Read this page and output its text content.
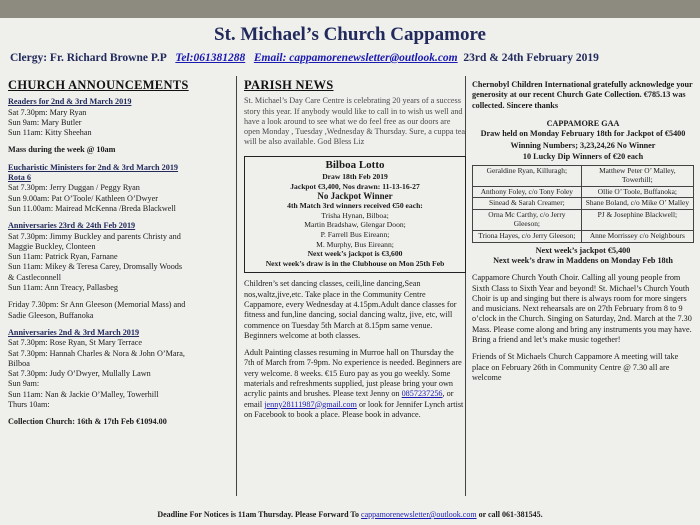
St. Michael’s Church Cappamore
Clergy: Fr. Richard Browne P.P Tel:061381288 Email: cappamorenewsletter@outlook.com 23rd & 24th February 2019
CHURCH ANNOUNCEMENTS
Readers for 2nd & 3rd March 2019
Sat 7.30pm: Mary Ryan
Sun 9am: Mary Butler
Sun 11am: Kitty Sheehan
Mass during the week @ 10am
Eucharistic Ministers for 2nd & 3rd March 2019
Rota 6
Sat 7.30pm: Jerry Duggan / Peggy Ryan
Sun 9.00am: Pat O’Toole/ Kathleen O’Dwyer
Sun 11.00am: Mairead McKenna /Breda Blackwell
Anniversaries 23rd & 24th Feb 2019
Sat 7.30pm: Jimmy Buckley and parents Christy and
Maggie Buckley, Clonteen
Sun 11am: Patrick Ryan, Farnane
Sun 11am: Mikey & Teresa Carey, Dromsally Woods
& Castleconnell
Sun 11am: Ann Treacy, Pallasbeg
Friday 7.30pm: Sr Ann Gleeson (Memorial Mass) and
Sadie Gleeson, Buffanoka
Anniversaries 2nd & 3rd March 2019
Sat 7.30pm: Rose Ryan, St Mary Terrace
Sat 7.30pm: Hannah Charles & Nora & John O’Mara,
Bilboa
Sat 7.30pm: Judy O’Dwyer, Mullally Lawn
Sun 9am:
Sun 11am: Nan & Jackie O’Malley, Towerhill
Thurs 10am:
Collection Church: 16th & 17th Feb €1094.00
PARISH NEWS
St. Michael’s Day Care Centre is celebrating 20 years of a success story this year. If anybody would like to call in to wish us well and have a look around to see what we do feel free as our doors are open Monday , Tuesday ,Wednesday & Thursday. Sure, a cuppa tea will be also available. God Bless Liz
Bilboa Lotto
Draw 18th Feb 2019
Jackpot €3,400, Nos drawn: 11-13-16-27
No Jackpot Winner
4th Match 3rd winners received €50 each:
Trisha Hynan, Bilboa;
Martin Bradshaw, Glengar Doon;
P. Farrell Bus Eireann;
M. Murphy, Bus Eireann;
Next week’s jackpot is €3,600
Next week’s draw is in the Clubhouse on Mon 25th Feb
Children’s set dancing classes, ceili,line dancing,Sean nos,waltz,jive,etc. Take place in the Community Centre Cappamore, every Wednesday at 4.15pm.Adult dance classes for fitness and fun,line dancing, social dancing waltz, jive, etc, will commence on Tuesday 5th March at 8.15pm same venue. Beginners welcome at both classes.
Adult Painting classes resuming in Murroe hall on Thursday the 7th of March from 7-9pm. No experience is needed. Beginners are very welcome. 8 weeks. €15 Euro pay as you go weekly. Some materials and refreshments supplied, just please bring your own acrylic paints and brushes. Please text Jenny on 0857237256, or email jenny28111987@gmail.com or look for Jennifer Lynch artist on Facebook to book a place. Please book in advance.
Chernobyl Children International gratefully acknowledge your generosity at our recent Church Gate Collection. €785.13 was collected. Sincere thanks
CAPPAMORE GAA
Draw held on Monday February 18th for Jackpot of €5400
Winning Numbers; 3,23,24,26 No Winner
10 Lucky Dip Winners of €20 each
Geraldine Ryan, Killuragh;	Matthew Peter O’ Malley, Towerhill;
Anthony Foley, c/o Tony Foley	Ollie O’ Toole, Buffanoka;
Sinead & Sarah Creamer;	Shane Boland, c/o Mike O’ Malley
Orna Mc Carthy, c/o Jerry Gleeson;	PJ & Josephine Blackwell;
Triona Hayes, c/o Jerry Gleeson;	Anne Morrissey c/o Neighbours
Next week’s jackpot €5,400
Next week’s draw in Maddens on Monday Feb 18th
Cappamore Church Youth Choir. Calling all young people from Sixth Class to Sixth Year and beyond! St. Michael’s Church Youth Choir is up and singing but there is always room for more singers and musicians. Next rehearsals are on 27th February from 8 to 9 o’clock in the Church. Singing on Saturday, 2nd. March at the 7.30 Mass. Please come along and bring any instruments you may have. Bring a friend and let’s make music together!
Friends of St Michaels Church Cappamore A meeting will take place on February 26th in Community Centre @ 7.30 all are welcome
Deadline For Notices is 11am Thursday. Please Forward To cappamorenewsletter@outlook.com or call 061-381545.
